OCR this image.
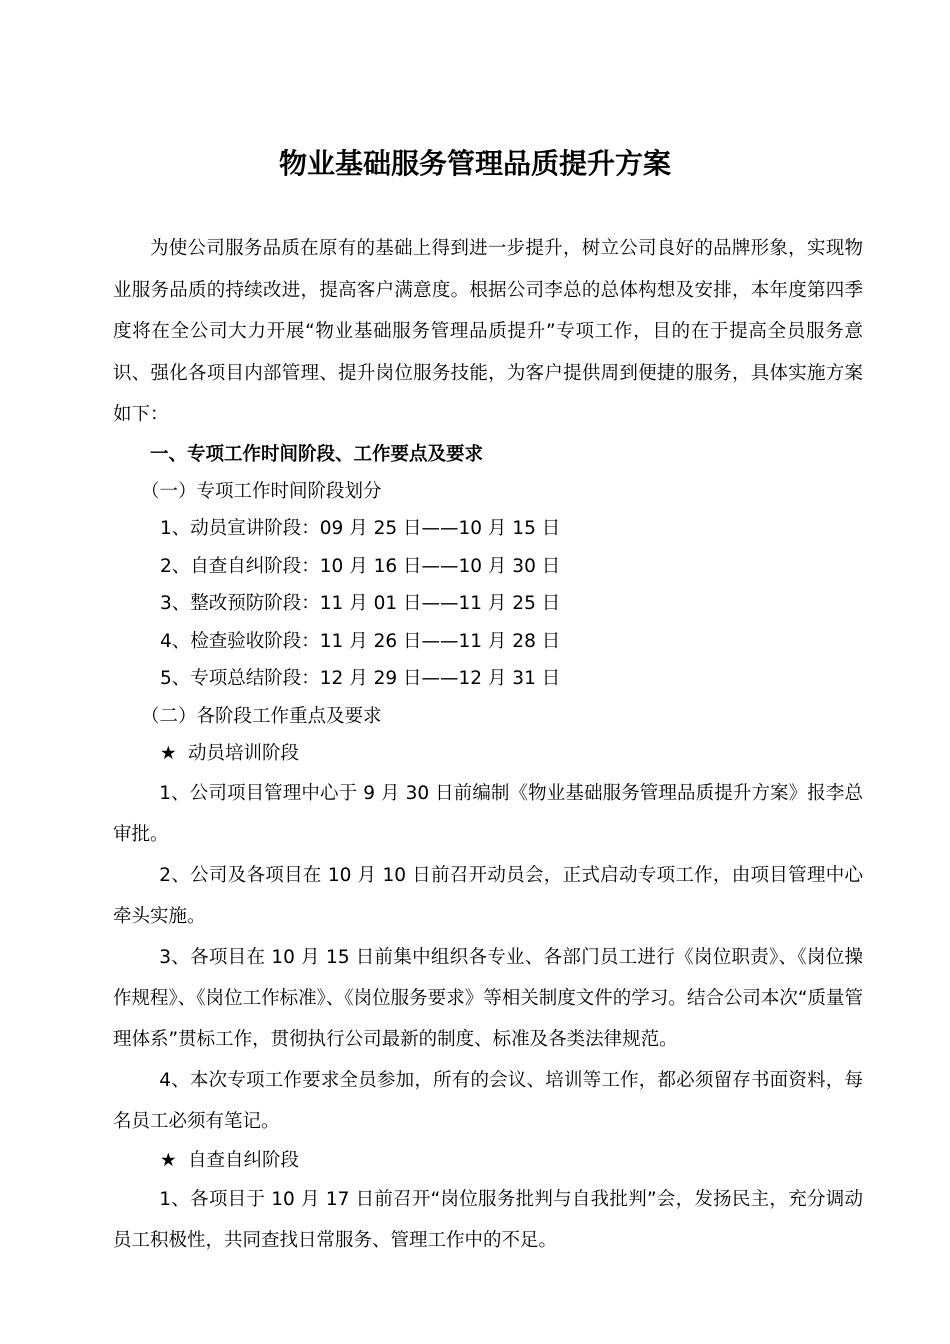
物业基础服务管理品质提升方案

为使公司服务品质在原有的基础上得到进一步提升，树立公司良好的品牌形象，实现物业服务品质的持续改进，提高客户满意度。根据公司李总的总体构想及安排，本年度第四季度将在全公司大力开展“物业基础服务管理品质提升”专项工作，目的在于提高全员服务意识、强化各项目内部管理、提升岗位服务技能，为客户提供周到便捷的服务，具体实施方案如下：

一、专项工作时间阶段、工作要点及要求

（一）专项工作时间阶段划分

1、动员宣讲阶段：09 月 25 日——10 月 15 日

2、自查自纠阶段：10 月 16 日——10 月 30 日

3、整改预防阶段：11 月 01 日——11 月 25 日

4、检查验收阶段：11 月 26 日——11 月 28 日

5、专项总结阶段：12 月 29 日——12 月 31 日

（二）各阶段工作重点及要求

★ 动员培训阶段

1、公司项目管理中心于 9 月 30 日前编制《物业基础服务管理品质提升方案》报李总审批。

2、公司及各项目在 10 月 10 日前召开动员会，正式启动专项工作，由项目管理中心牵头实施。

3、各项目在 10 月 15 日前集中组织各专业、各部门员工进行《岗位职责》、《岗位操作规程》、《岗位工作标准》、《岗位服务要求》等相关制度文件的学习。结合公司本次“质量管理体系”贯标工作，贯彻执行公司最新的制度、标准及各类法律规范。

4、本次专项工作要求全员参加，所有的会议、培训等工作，都必须留存书面资料，每名员工必须有笔记。

★ 自查自纠阶段

1、各项目于 10 月 17 日前召开“岗位服务批判与自我批判”会，发扬民主，充分调动员工积极性，共同查找日常服务、管理工作中的不足。
